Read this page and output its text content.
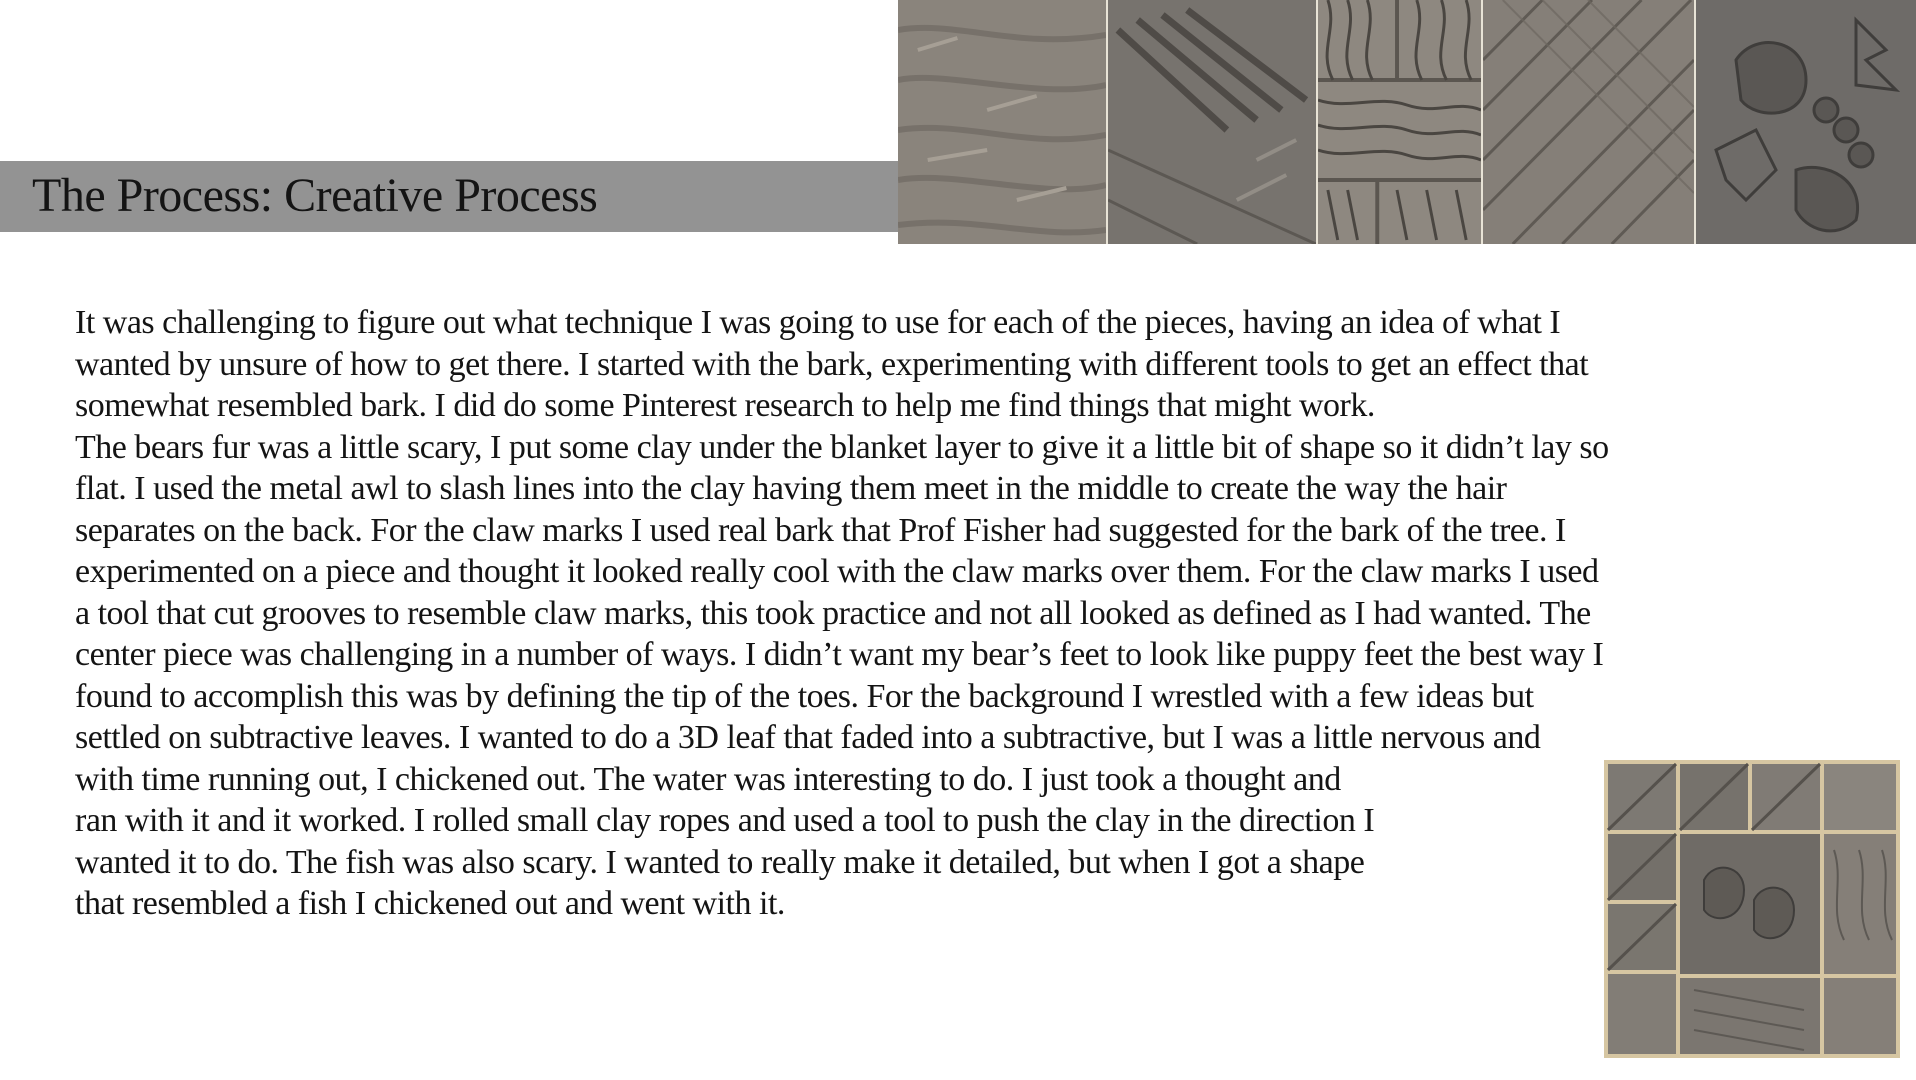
The Process: Creative Process
It was challenging to figure out what technique I was going to use for each of the pieces, having an idea of what I
wanted by unsure of how to get there. I started with the bark, experimenting with different tools to get an effect that
somewhat resembled bark. I did do some Pinterest research to help me find things that might work.
The bears fur was a little scary, I put some clay under the blanket layer to give it a little bit of shape so it didn’t lay so
flat. I used the metal awl to slash lines into the clay having them meet in the middle to create the way the hair
separates on the back. For the claw marks I used real bark that Prof Fisher had suggested for the bark of the tree. I
experimented on a piece and thought it looked really cool with the claw marks over them. For the claw marks I used
a tool that cut grooves to resemble claw marks, this took practice and not all looked as defined as I had wanted. The
center piece was challenging in a number of ways. I didn’t want my bear’s feet to look like puppy feet the best way I
found to accomplish this was by defining the tip of the toes. For the background I wrestled with a few ideas but
settled on subtractive leaves. I wanted to do a 3D leaf that faded into a subtractive, but I was a little nervous and
with time running out, I chickened out. The water was interesting to do. I just took a thought and
ran with it and it worked. I rolled small clay ropes and used a tool to push the clay in the direction I
wanted it to do. The fish was also scary. I wanted to really make it detailed, but when I got a shape
that resembled a fish I chickened out and went with it.
